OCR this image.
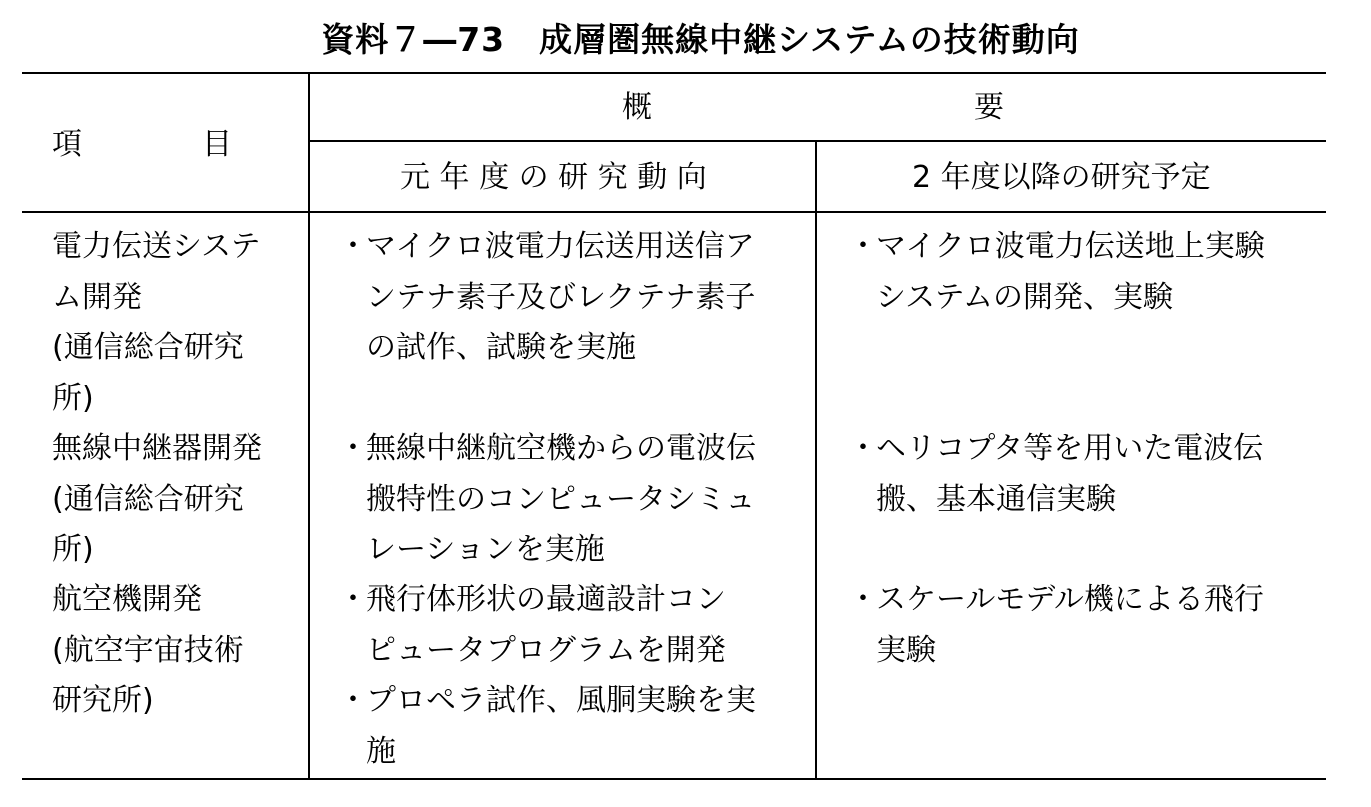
資料７―73　成層圏無線中継システムの技術動向
項　　　　目
概	要
元 年 度 の 研 究 動 向	2 年度以降の研究予定
電力伝送システ
ム開発
(通信総合研究
所)
・
マイクロ波電力伝送用送信ア
ンテナ素子及びレクテナ素子
の試作、試験を実施
・
マイクロ波電力伝送地上実験
システムの開発、実験
無線中継器開発
(通信総合研究
所)
・
無線中継航空機からの電波伝
搬特性のコンピュータシミュ
レーションを実施
・
ヘリコプタ等を用いた電波伝
搬、基本通信実験
航空機開発
(航空宇宙技術
研究所)
・
飛行体形状の最適設計コン
ピュータプログラムを開発
・
プロペラ試作、風胴実験を実
施
・
スケールモデル機による飛行
実験
